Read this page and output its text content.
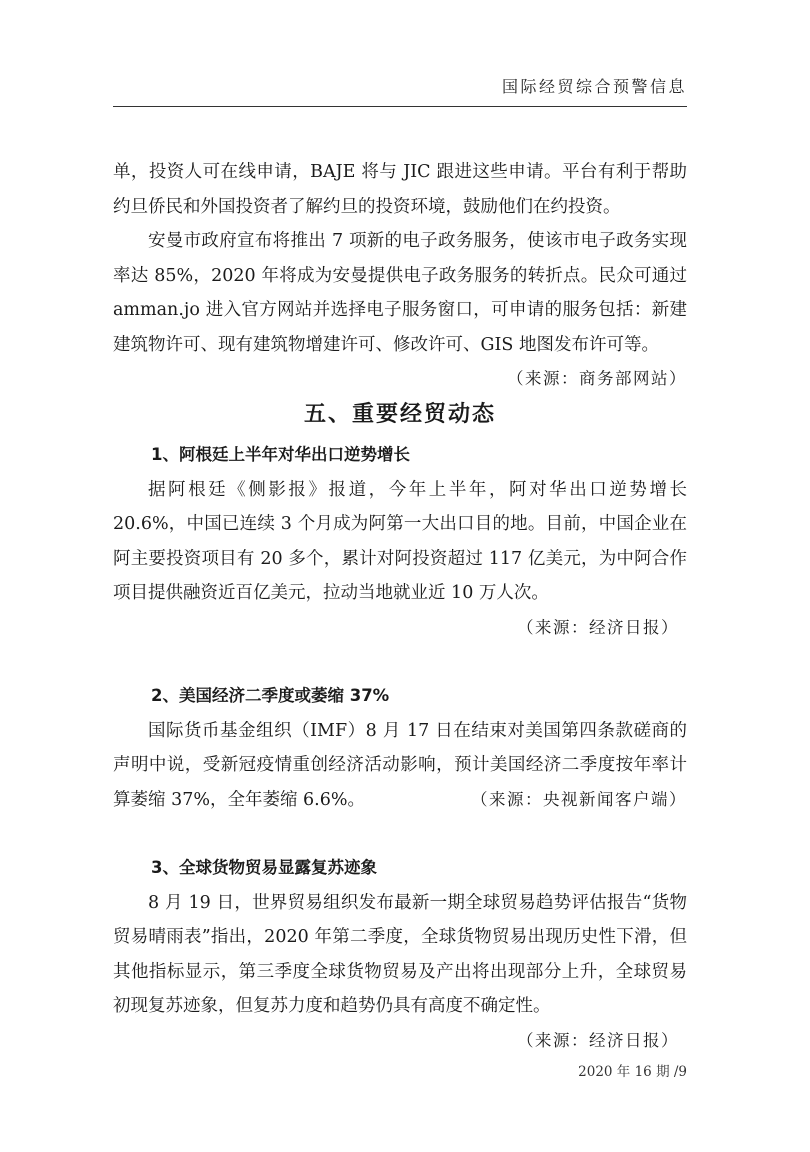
国际经贸综合预警信息

单，投资人可在线申请，BAJE 将与 JIC 跟进这些申请。平台有利于帮助约旦侨民和外国投资者了解约旦的投资环境，鼓励他们在约投资。

安曼市政府宣布将推出 7 项新的电子政务服务，使该市电子政务实现率达 85%，2020 年将成为安曼提供电子政务服务的转折点。民众可通过 amman.jo 进入官方网站并选择电子服务窗口，可申请的服务包括：新建建筑物许可、现有建筑物增建许可、修改许可、GIS 地图发布许可等。
（来源：商务部网站）

五、重要经贸动态
1、阿根廷上半年对华出口逆势增长

据阿根廷《侧影报》报道，今年上半年，阿对华出口逆势增长 20.6%，中国已连续 3 个月成为阿第一大出口目的地。目前，中国企业在阿主要投资项目有 20 多个，累计对阿投资超过 117 亿美元，为中阿合作项目提供融资近百亿美元，拉动当地就业近 10 万人次。

（来源：经济日报）
2、美国经济二季度或萎缩 37%

国际货币基金组织（IMF）8 月 17 日在结束对美国第四条款磋商的声明中说，受新冠疫情重创经济活动影响，预计美国经济二季度按年率计算萎缩 37%，全年萎缩 6.6%。	（来源：央视新闻客户端）

3、全球货物贸易显露复苏迹象

8 月 19 日，世界贸易组织发布最新一期全球贸易趋势评估报告“货物贸易晴雨表”指出，2020 年第二季度，全球货物贸易出现历史性下滑，但其他指标显示，第三季度全球货物贸易及产出将出现部分上升，全球贸易初现复苏迹象，但复苏力度和趋势仍具有高度不确定性。

（来源：经济日报）
2020 年 16 期 /9
